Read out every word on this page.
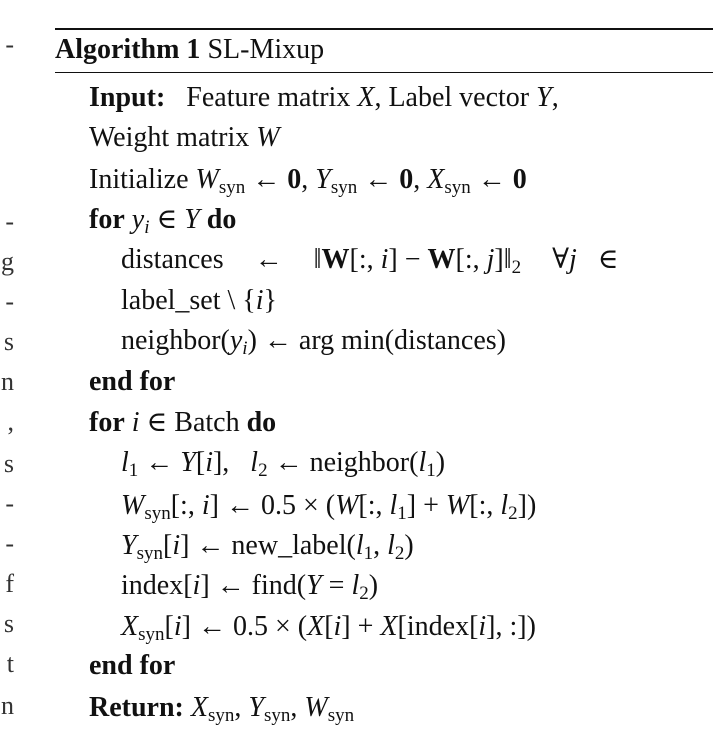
-
-
g
-
s
n
,
s
-
-
f
s
t
n
Algorithm 1 SL-Mixup
Input: Feature matrix X, Label vector Y,
Weight matrix W
Initialize $W_{syn}$ ← 0, $Y_{syn}$ ← 0, $X_{syn}$ ← 0
for $y_i$ ∈ Y do
distances ← ‖W[:, i] − W[:, $j]‖_2$ ∀j ∈
label_set \ {i}
$neighbor(y_i)$ ← arg min(distances)
end for
for i ∈ Batch do
$l_1$ ← Y[i], $l_2$ ← $neighbor(l_1)$
$W_{syn}$[:, i] ← 0.5 × (W[:, $l_1] + W$[:, $l_2$])
$Y_{syn}[i]$ ← $new\_label(l_1$, $l_2$)
index[i] ← find(Y = $l_2$)
$X_{syn}[i]$ ← 0.5 × (X[i] + X[index[i], :])
end for
Return: $X_{syn}$, $Y_{syn}$, $W_{syn}$
